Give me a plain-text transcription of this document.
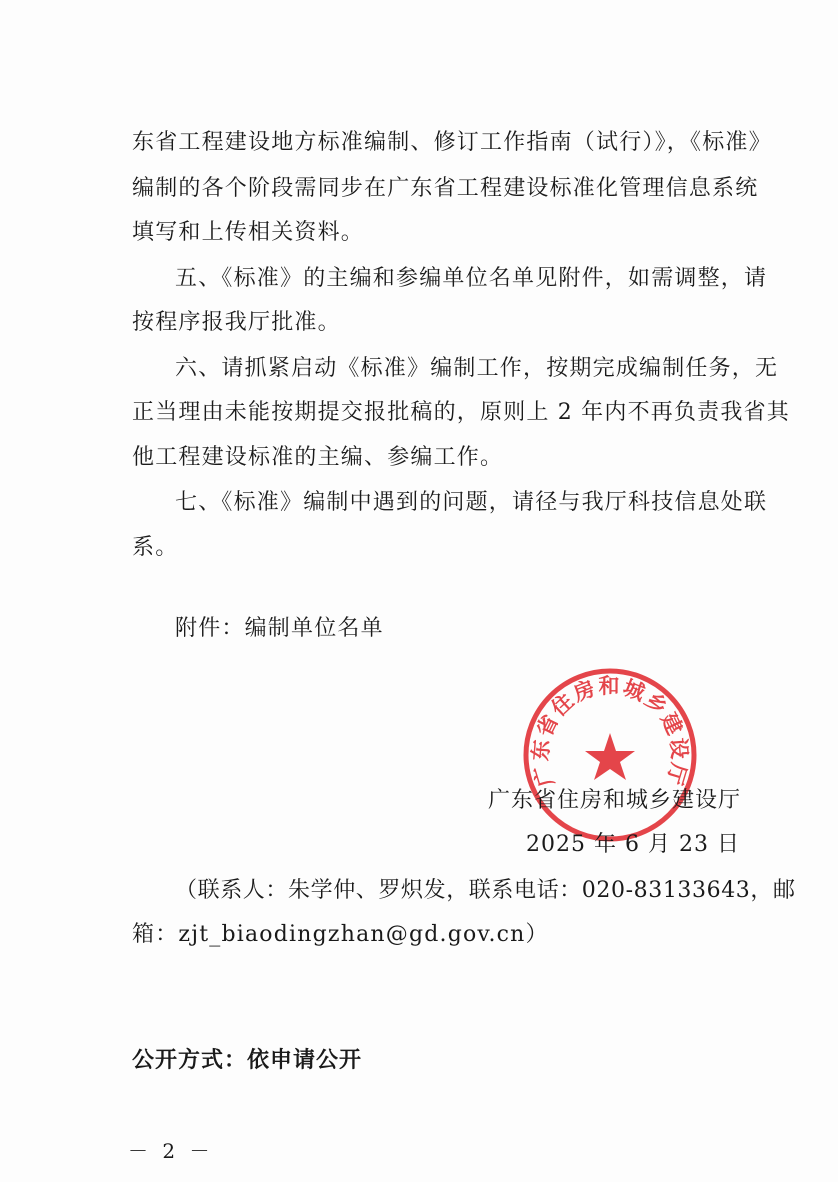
东省工程建设地方标准编制、修订工作指南（试行）》，《标准》
编制的各个阶段需同步在广东省工程建设标准化管理信息系统
填写和上传相关资料。
五、《标准》的主编和参编单位名单见附件，如需调整，请
按程序报我厅批准。
六、请抓紧启动《标准》编制工作，按期完成编制任务，无
正当理由未能按期提交报批稿的，原则上 2 年内不再负责我省其
他工程建设标准的主编、参编工作。
七、《标准》编制中遇到的问题，请径与我厅科技信息处联
系。
附件：编制单位名单
广东省住房和城乡建设厅
广东省住房和城乡建设厅
2025 年 6 月 23 日
（联系人：朱学仲、罗炽发，联系电话：020-83133643，邮
箱：zjt_biaodingzhan@gd.gov.cn）
公开方式：依申请公开
－ 2 －
